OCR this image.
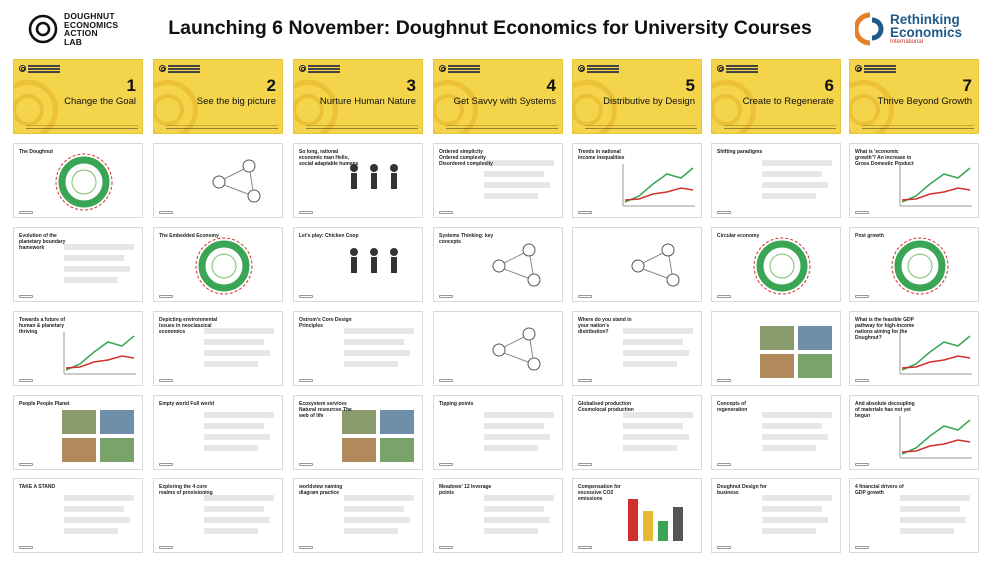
DOUGHNUT
ECONOMICS
ACTION
LAB
Launching 6 November: Doughnut Economics for University Courses	Rethinking
Economics
International
1
Change the Goal
The Doughnut
Evolution of the planetary boundary framework
Towards a future of human & planetary thriving
People People Planet
TAKE A STAND
2
See the big picture
The Embedded Economy
Depicting environmental issues in neoclassical economics
Empty world Full world
Exploring the 4 core realms of provisioning
3
Nurture Human Nature
So long, rational economic man Hello, social adaptable humans
Let's play: Chicken Coop
Ostrom's Core Design Principles
Ecosystem services Natural resources The web of life
worldview naming diagram practice
4
Get Savvy with Systems
Ordered simplicity Ordered complexity Disordered complexity
Systems Thinking: key concepts
Tipping points
Meadows' 12 leverage points
5
Distributive by Design
Trends in national income inequalities
Where do you stand in your nation's distribution?
Globalised production Cosmolocal production
Compensation for excessive CO2 emissions
6
Create to Regenerate
Shifting paradigms
Circular economy
Concepts of regeneration
Doughnut Design for business
7
Thrive Beyond Growth
What is 'economic growth'? An increase in Gross Domestic Product
Post growth
What is the feasible GDP pathway for high-income nations aiming for the Doughnut?
And absolute decoupling of materials has not yet begun
4 financial drivers of GDP growth
